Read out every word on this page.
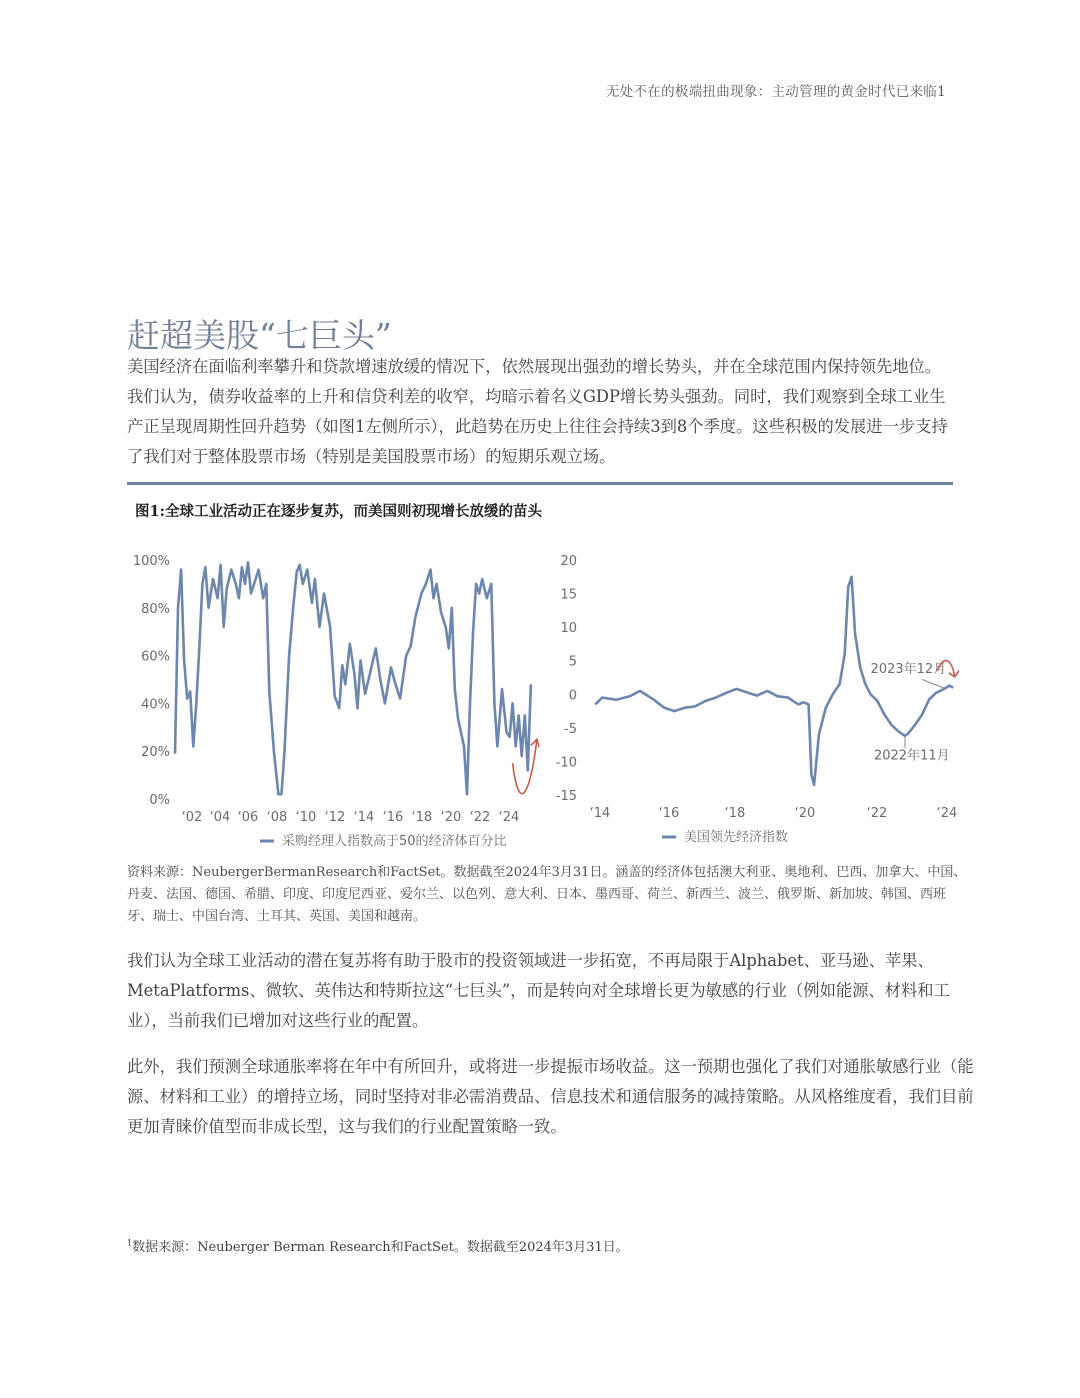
无处不在的极端扭曲现象：主动管理的黄金时代已来临1
赶超美股“七巨头”

美国经济在面临利率攀升和贷款增速放缓的情况下，依然展现出强劲的增长势头，并在全球范围内保持领先地位。我们认为，债券收益率的上升和信贷利差的收窄，均暗示着名义GDP增长势头强劲。同时，我们观察到全球工业生产正呈现周期性回升趋势（如图1左侧所示），此趋势在历史上往往会持续3到8个季度。这些积极的发展进一步支持了我们对于整体股票市场（特别是美国股票市场）的短期乐观立场。

图1:全球工业活动正在逐步复苏，而美国则初现增长放缓的苗头

100%
80%
60%
40%
20%
0%
‘02 ‘04 ‘06 ‘08 ‘10 ‘12 ‘14 ‘16 ‘18 ‘20 ‘22 ‘24
采购经理人指数高于50的经济体百分比
20
15
10
5
0
-5
-10
-15
‘14	‘16	‘18	‘20	‘22	‘24
美国领先经济指数
2023年12月
2022年11月

资料来源：NeubergerBermanResearch和FactSet。数据截至2024年3月31日。涵盖的经济体包括澳大利亚、奥地利、巴西、加拿大、中国、丹麦、法国、德国、希腊、印度、印度尼西亚、爱尔兰、以色列、意大利、日本、墨西哥、荷兰、新西兰、波兰、俄罗斯、新加坡、韩国、西班牙、瑞士、中国台湾、土耳其、英国、美国和越南。

我们认为全球工业活动的潜在复苏将有助于股市的投资领域进一步拓宽，不再局限于Alphabet、亚马逊、苹果、MetaPlatforms、微软、英伟达和特斯拉这“七巨头”，而是转向对全球增长更为敏感的行业（例如能源、材料和工业），当前我们已增加对这些行业的配置。

此外，我们预测全球通胀率将在年中有所回升，或将进一步提振市场收益。这一预期也强化了我们对通胀敏感行业（能源、材料和工业）的增持立场，同时坚持对非必需消费品、信息技术和通信服务的减持策略。从风格维度看，我们目前更加青睐价值型而非成长型，这与我们的行业配置策略一致。

$^1$数据来源：Neuberger Berman Research和FactSet。数据截至2024年3月31日。
